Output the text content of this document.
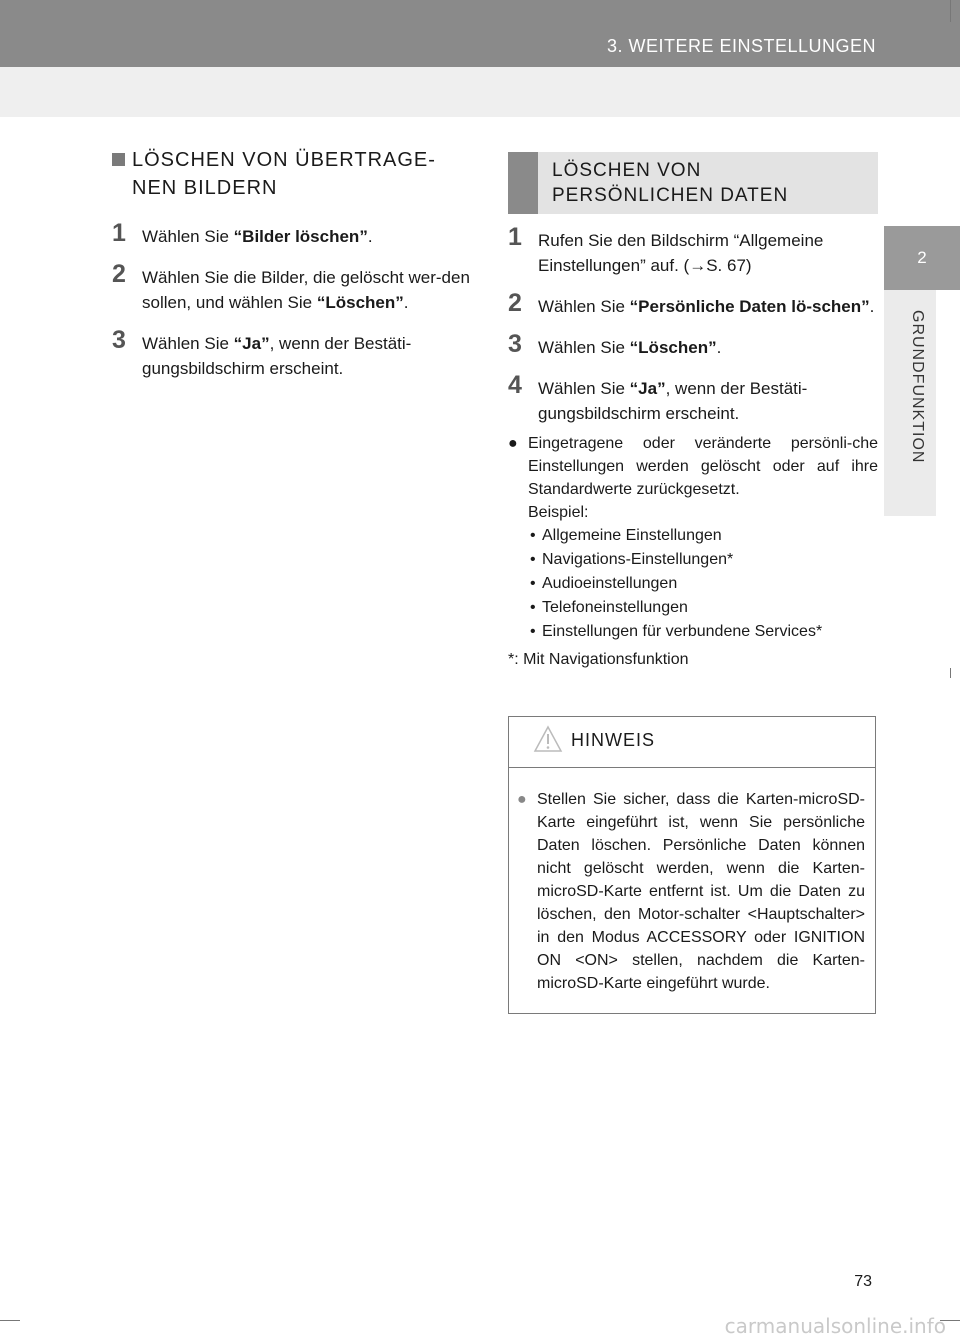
3. WEITERE EINSTELLUNGEN
2
GRUNDFUNKTION
LÖSCHEN VON ÜBERTRAGE-NEN BILDERN
1 Wählen Sie “Bilder löschen”.
2 Wählen Sie die Bilder, die gelöscht wer-den sollen, und wählen Sie “Löschen”.
3 Wählen Sie “Ja”, wenn der Bestäti-gungsbildschirm erscheint.
LÖSCHEN VON PERSÖNLICHEN DATEN
1 Rufen Sie den Bildschirm “Allgemeine Einstellungen” auf. (→S. 67)
2 Wählen Sie “Persönliche Daten lö-schen”.
3 Wählen Sie “Löschen”.
4 Wählen Sie “Ja”, wenn der Bestäti-gungsbildschirm erscheint.
● Eingetragene oder veränderte persönli-che Einstellungen werden gelöscht oder auf ihre Standardwerte zurückgesetzt.
Beispiel:
• Allgemeine Einstellungen
• Navigations-Einstellungen*
• Audioeinstellungen
• Telefoneinstellungen
• Einstellungen für verbundene Services*
*: Mit Navigationsfunktion
HINWEIS
● Stellen Sie sicher, dass die Karten-microSD-Karte eingeführt ist, wenn Sie persönliche Daten löschen. Persönliche Daten können nicht gelöscht werden, wenn die Karten-microSD-Karte entfernt ist. Um die Daten zu löschen, den Motor-schalter <Hauptschalter> in den Modus ACCESSORY oder IGNITION ON <ON> stellen, nachdem die Karten-microSD-Karte eingeführt wurde.
73
carmanualsonline.info
